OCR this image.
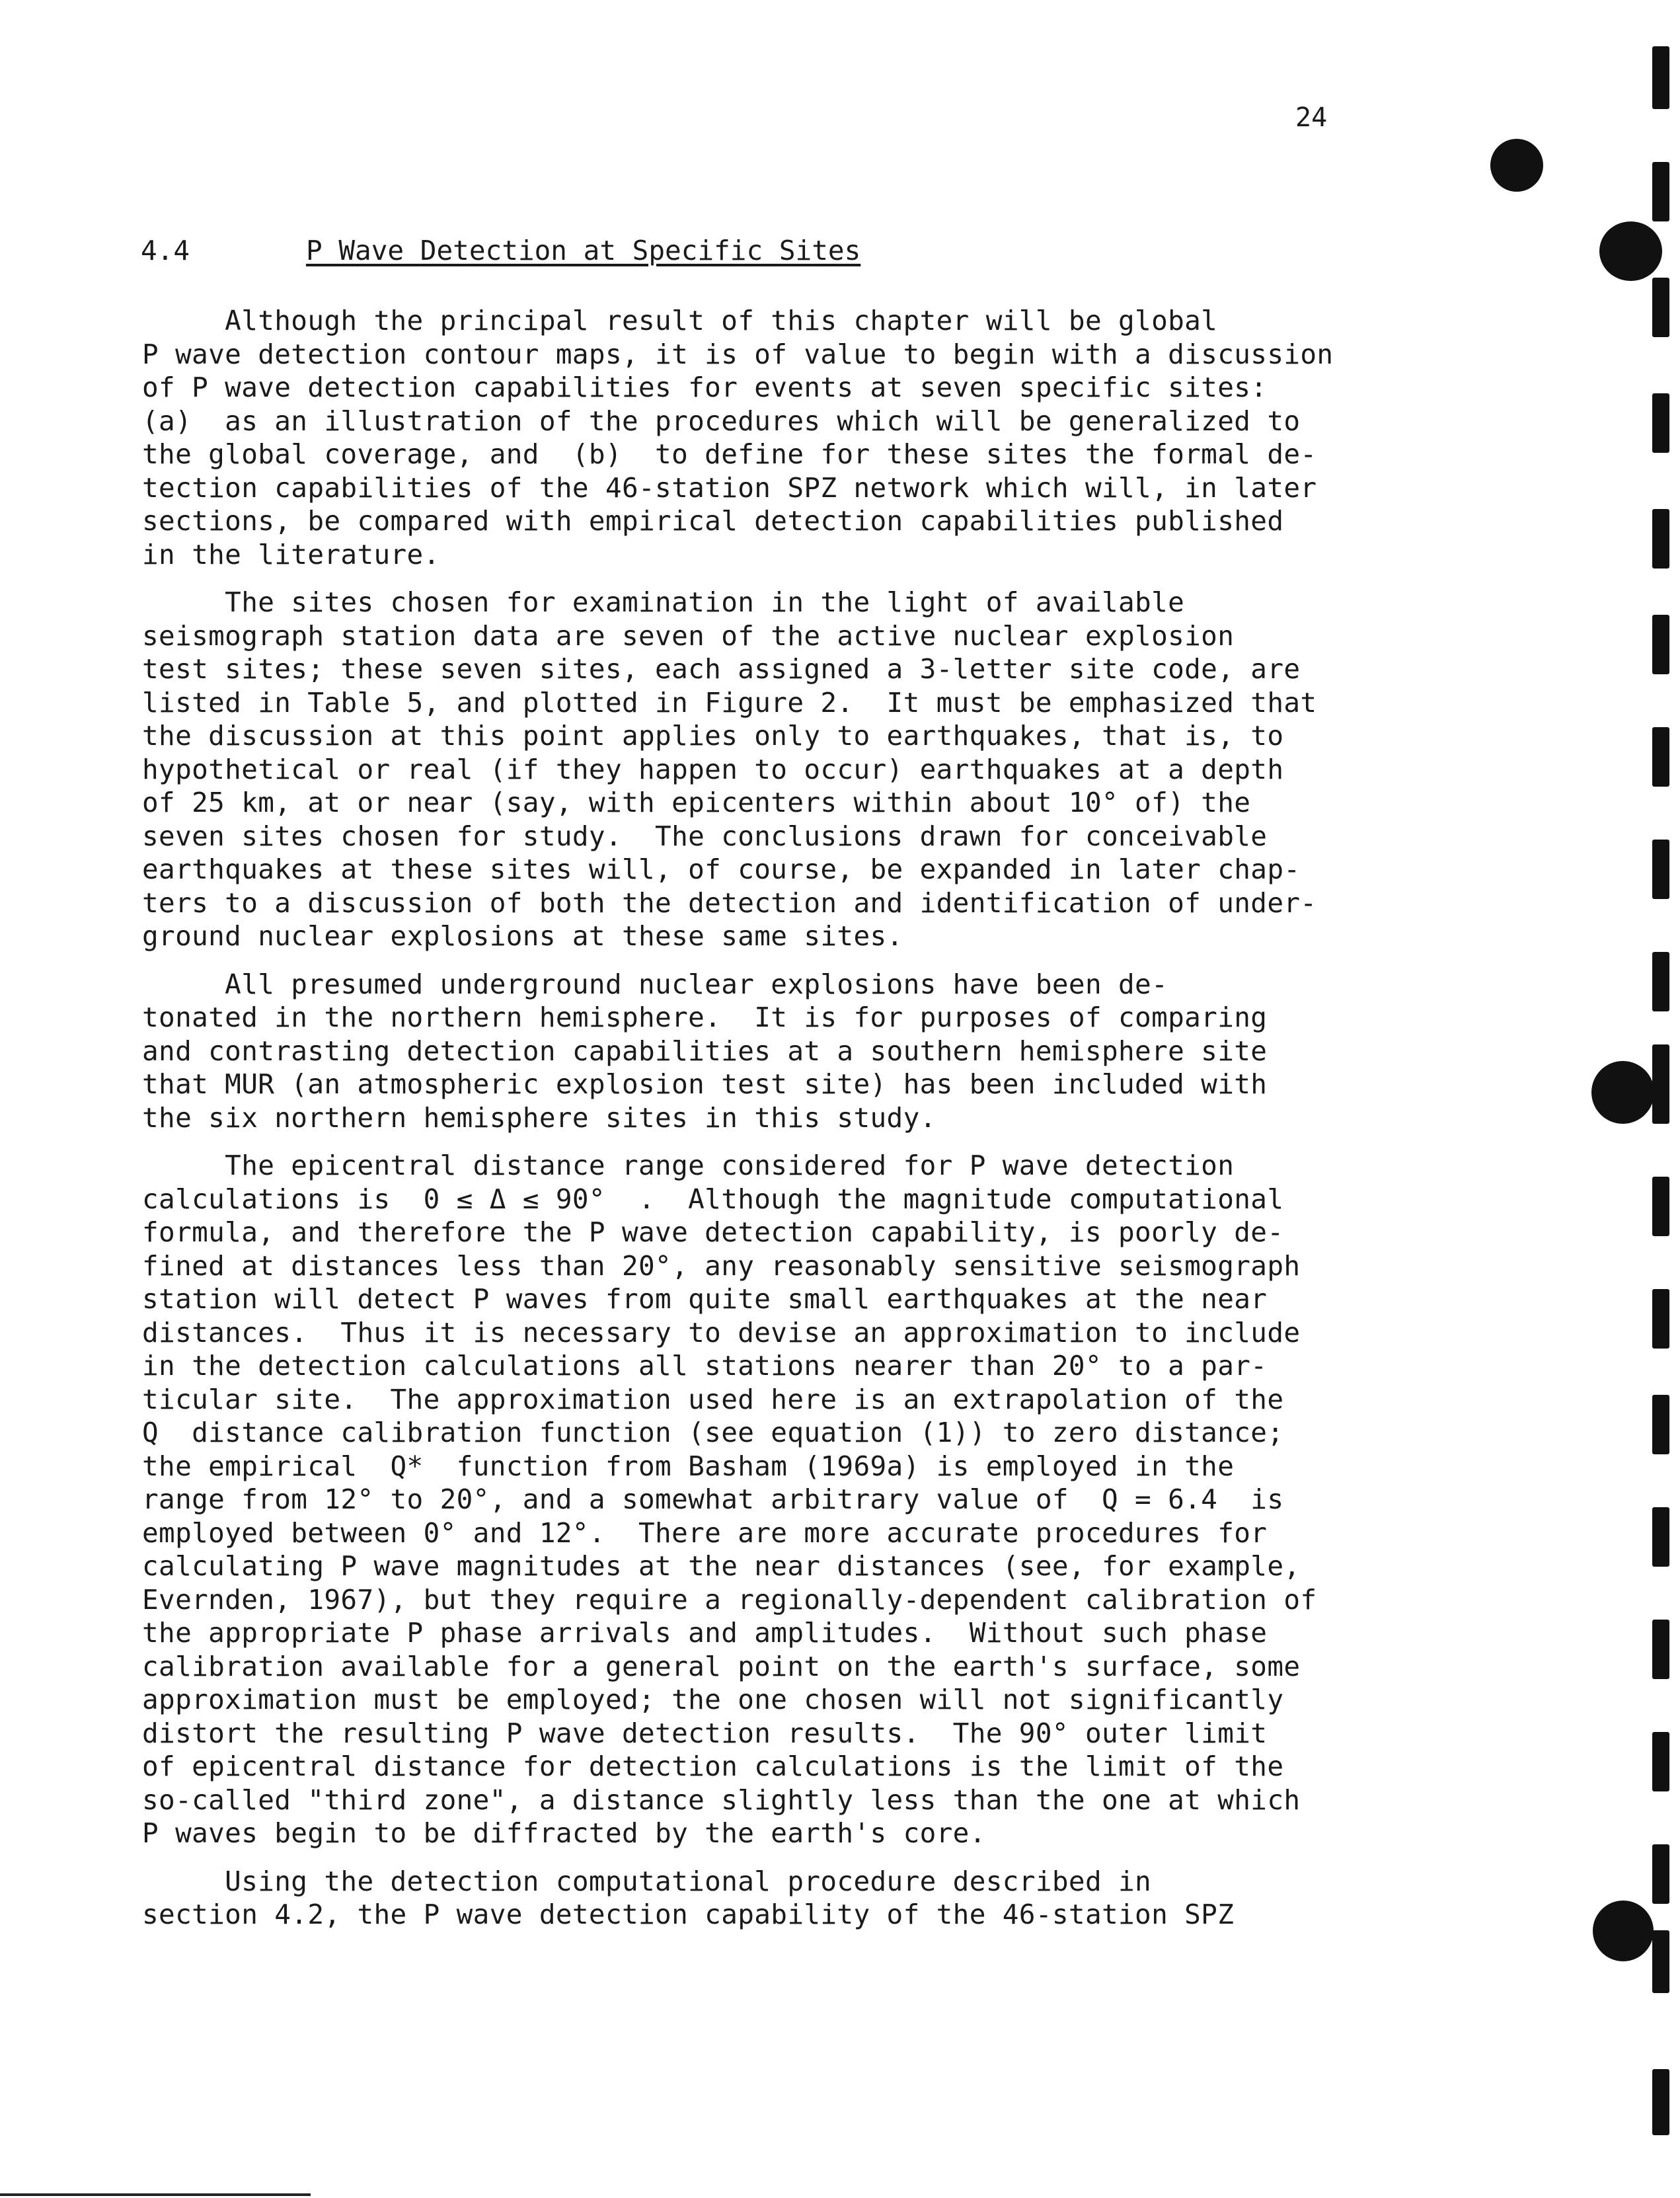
24
4.4	P Wave Detection at Specific Sites
Although the principal result of this chapter will be global
P wave detection contour maps, it is of value to begin with a discussion
of P wave detection capabilities for events at seven specific sites:
(a)  as an illustration of the procedures which will be generalized to
the global coverage, and  (b)  to define for these sites the formal de-
tection capabilities of the 46-station SPZ network which will, in later
sections, be compared with empirical detection capabilities published
in the literature.
The sites chosen for examination in the light of available
seismograph station data are seven of the active nuclear explosion
test sites; these seven sites, each assigned a 3-letter site code, are
listed in Table 5, and plotted in Figure 2.  It must be emphasized that
the discussion at this point applies only to earthquakes, that is, to
hypothetical or real (if they happen to occur) earthquakes at a depth
of 25 km, at or near (say, with epicenters within about 10° of) the
seven sites chosen for study.  The conclusions drawn for conceivable
earthquakes at these sites will, of course, be expanded in later chap-
ters to a discussion of both the detection and identification of under-
ground nuclear explosions at these same sites.
All presumed underground nuclear explosions have been de-
tonated in the northern hemisphere.  It is for purposes of comparing
and contrasting detection capabilities at a southern hemisphere site
that MUR (an atmospheric explosion test site) has been included with
the six northern hemisphere sites in this study.
The epicentral distance range considered for P wave detection
calculations is  0 ≤ Δ ≤ 90°  .  Although the magnitude computational
formula, and therefore the P wave detection capability, is poorly de-
fined at distances less than 20°, any reasonably sensitive seismograph
station will detect P waves from quite small earthquakes at the near
distances.  Thus it is necessary to devise an approximation to include
in the detection calculations all stations nearer than 20° to a par-
ticular site.  The approximation used here is an extrapolation of the
Q  distance calibration function (see equation (1)) to zero distance;
the empirical  Q*  function from Basham (1969a) is employed in the
range from 12° to 20°, and a somewhat arbitrary value of  Q = 6.4  is
employed between 0° and 12°.  There are more accurate procedures for
calculating P wave magnitudes at the near distances (see, for example,
Evernden, 1967), but they require a regionally-dependent calibration of
the appropriate P phase arrivals and amplitudes.  Without such phase
calibration available for a general point on the earth's surface, some
approximation must be employed; the one chosen will not significantly
distort the resulting P wave detection results.  The 90° outer limit
of epicentral distance for detection calculations is the limit of the
so-called "third zone", a distance slightly less than the one at which
P waves begin to be diffracted by the earth's core.
Using the detection computational procedure described in
section 4.2, the P wave detection capability of the 46-station SPZ
